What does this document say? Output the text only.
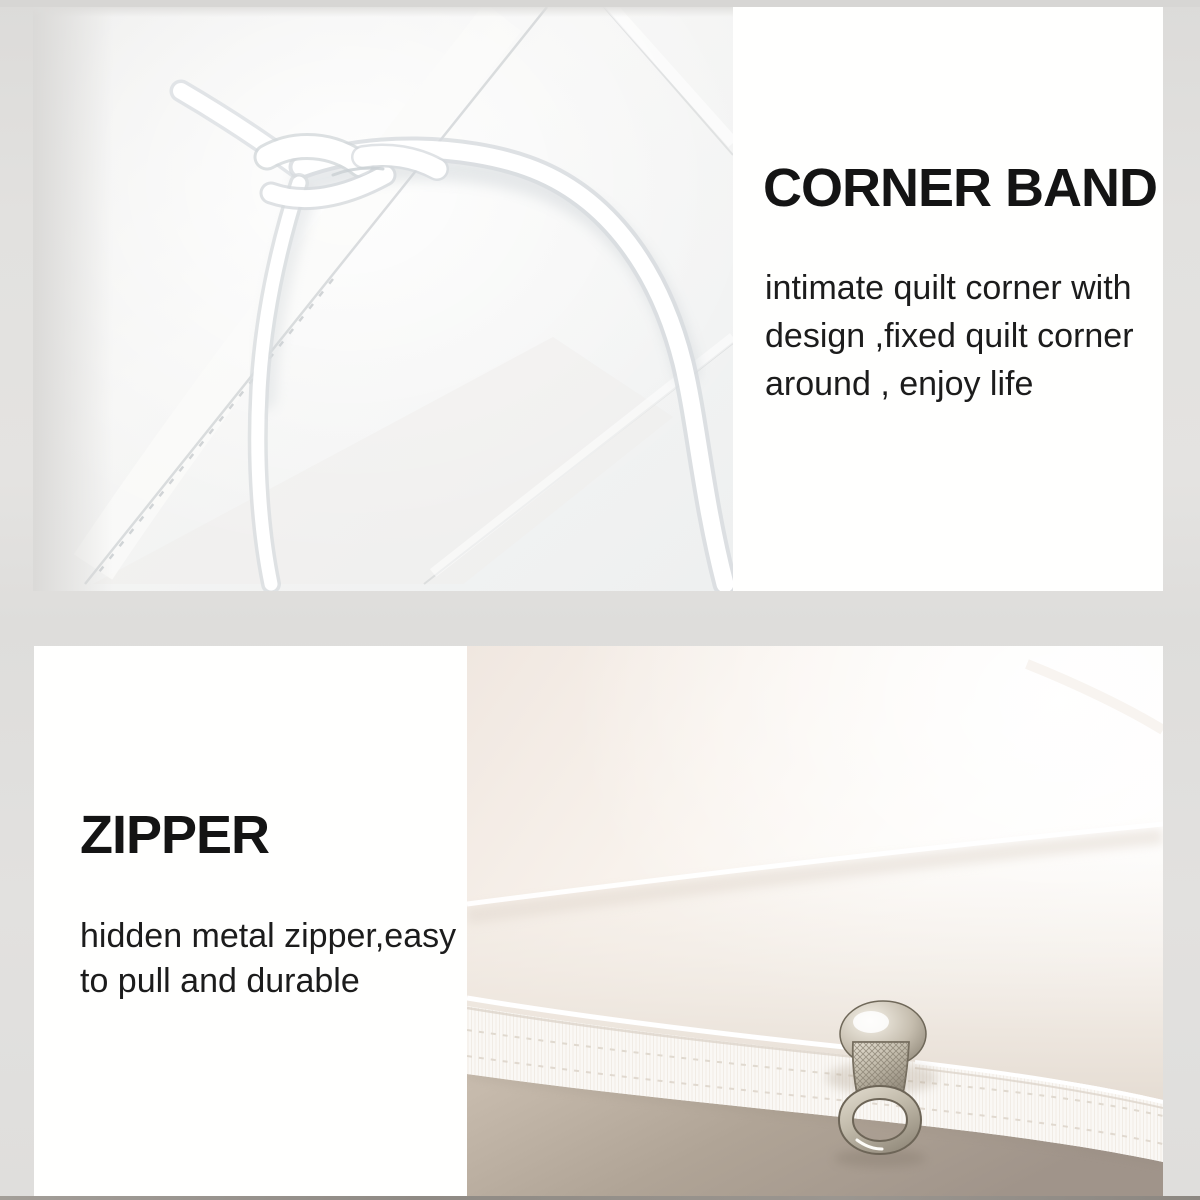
CORNER BAND

intimate quilt corner with
design ,fixed quilt corner
around , enjoy life

ZIPPER

hidden metal zipper,easy
to pull and durable
